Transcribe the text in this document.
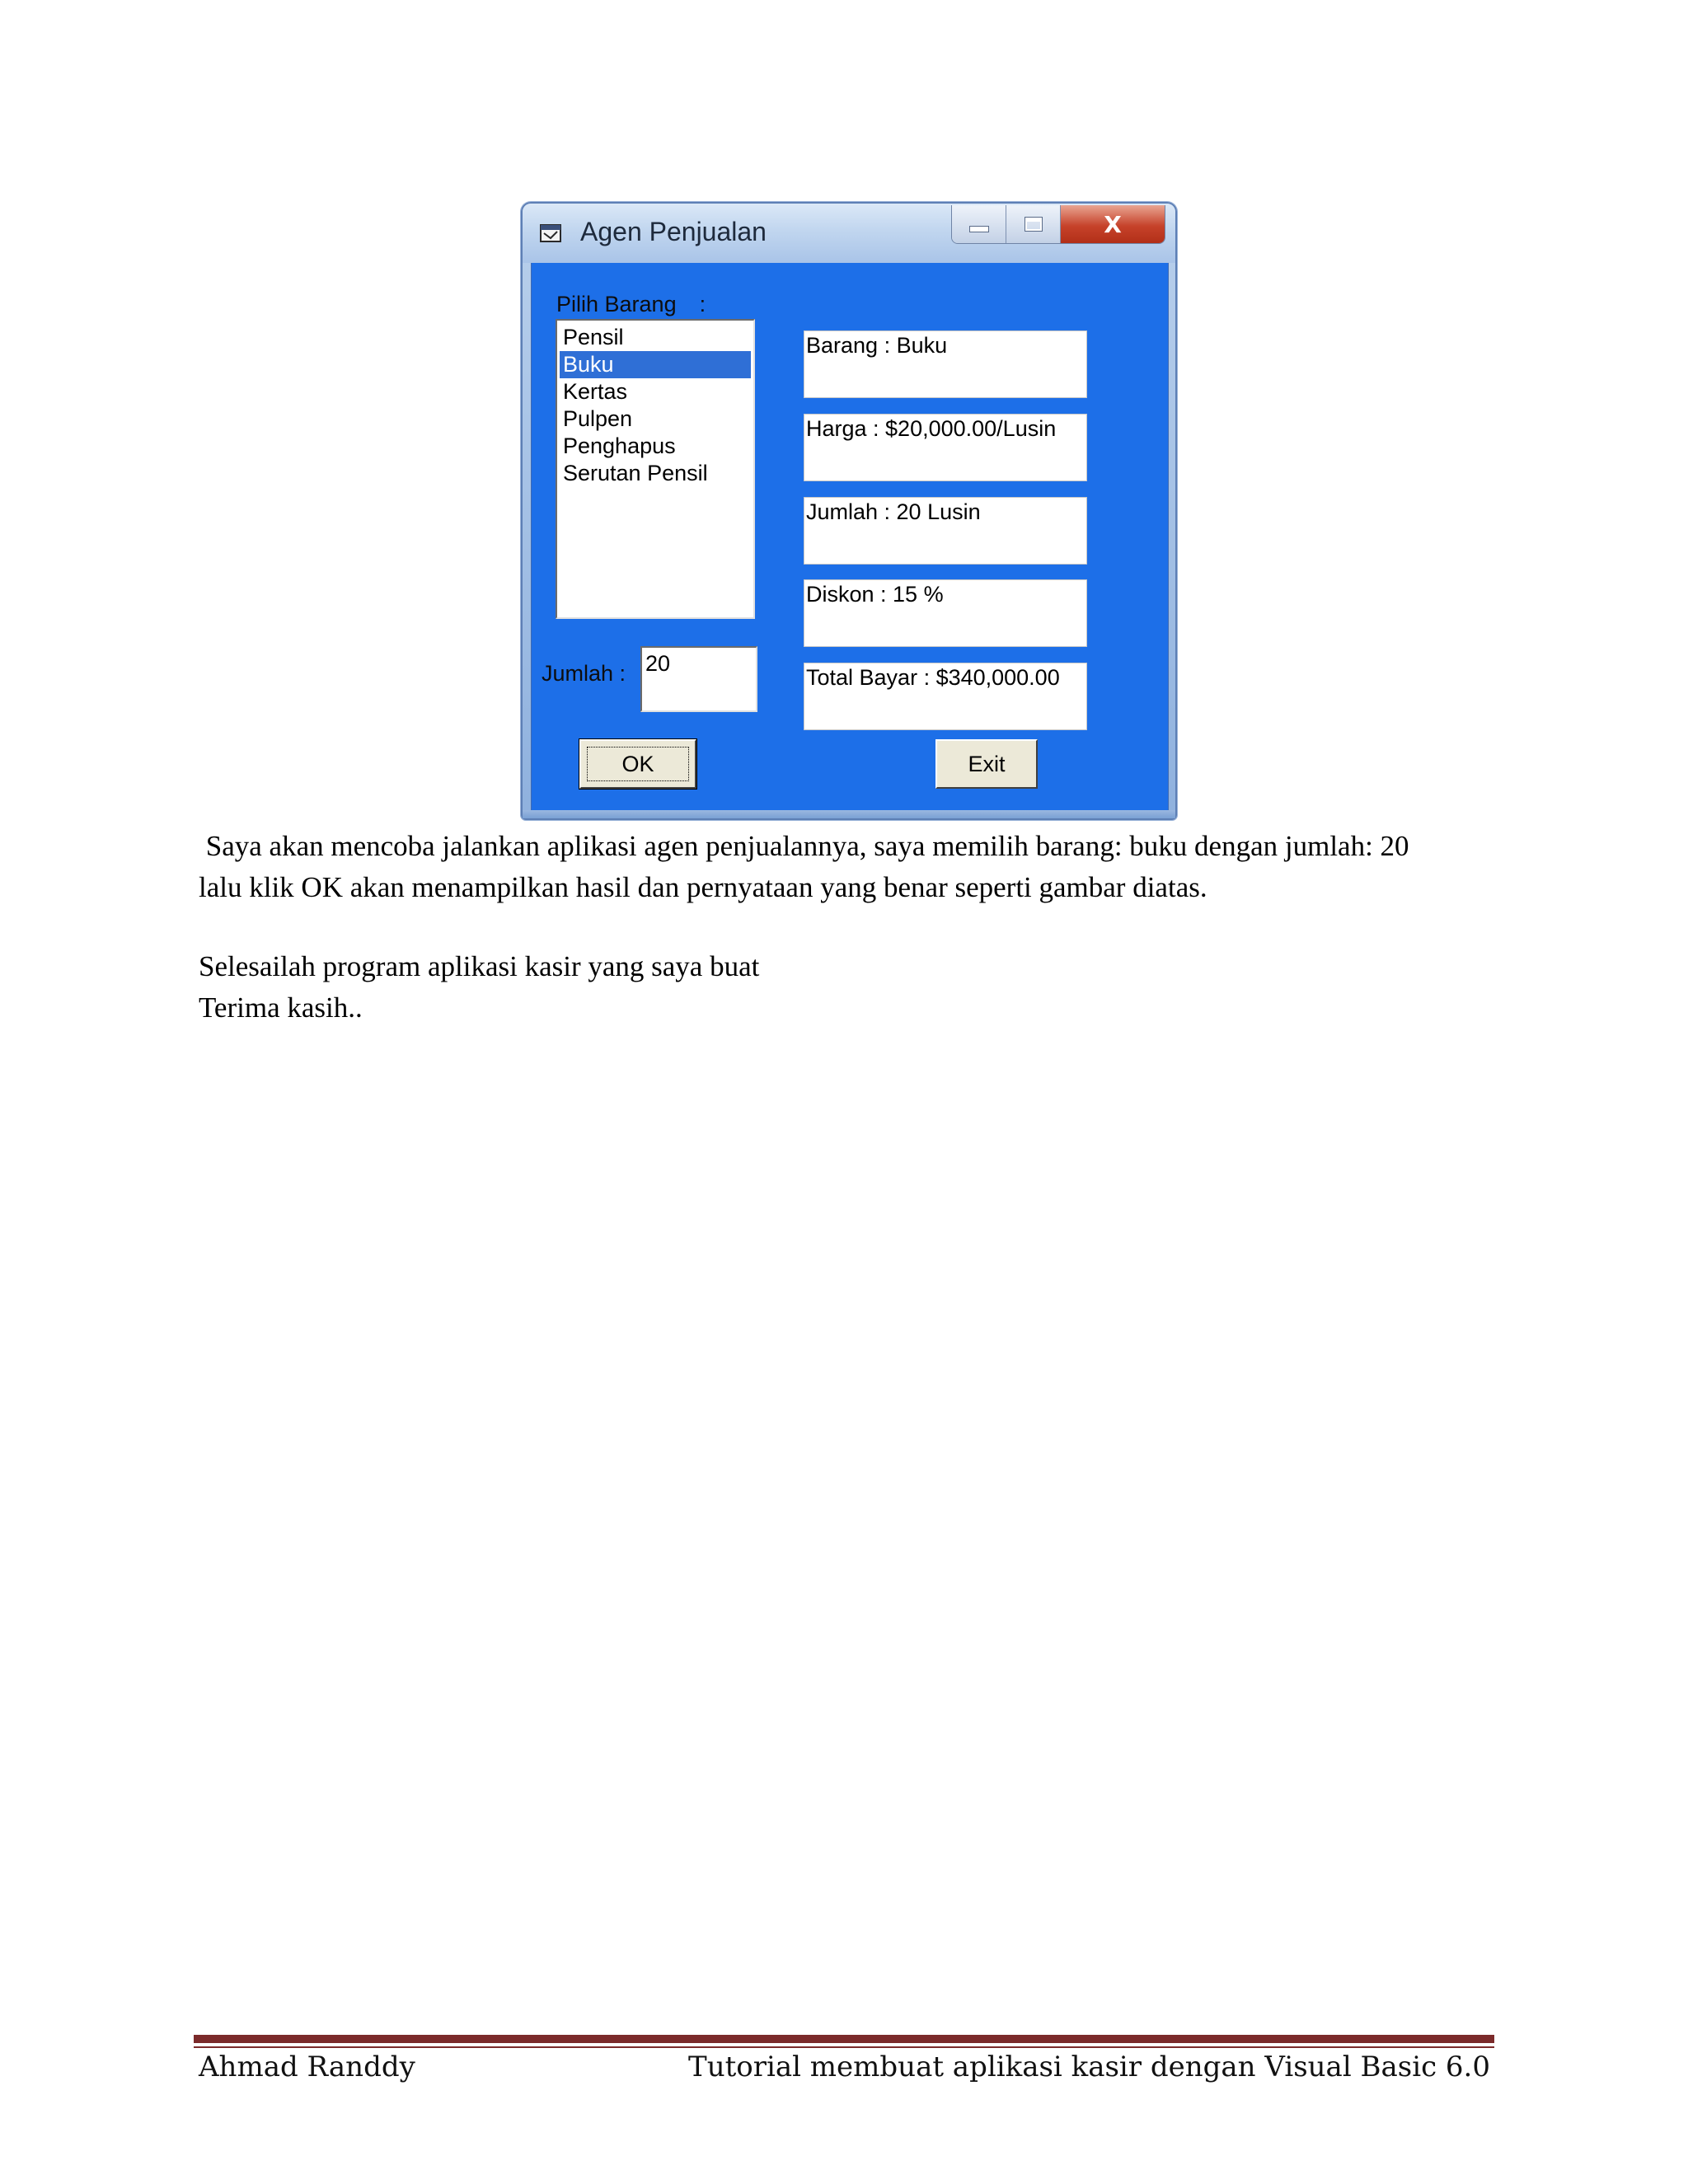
Agen Penjualan	X
Pilih Barang :
Pensil
Buku
Kertas
Pulpen
Penghapus
Serutan Pensil
Jumlah : 20
Barang : Buku
Harga : $20,000.00/Lusin
Jumlah : 20 Lusin
Diskon : 15 %
Total Bayar : $340,000.00
OK	Exit

Saya akan mencoba jalankan aplikasi agen penjualannya, saya memilih barang: buku dengan jumlah: 20

lalu klik OK akan menampilkan hasil dan pernyataan yang benar seperti gambar diatas.

Selesailah program aplikasi kasir yang saya buat

Terima kasih..

Ahmad Randdy	Tutorial membuat aplikasi kasir dengan Visual Basic 6.0
